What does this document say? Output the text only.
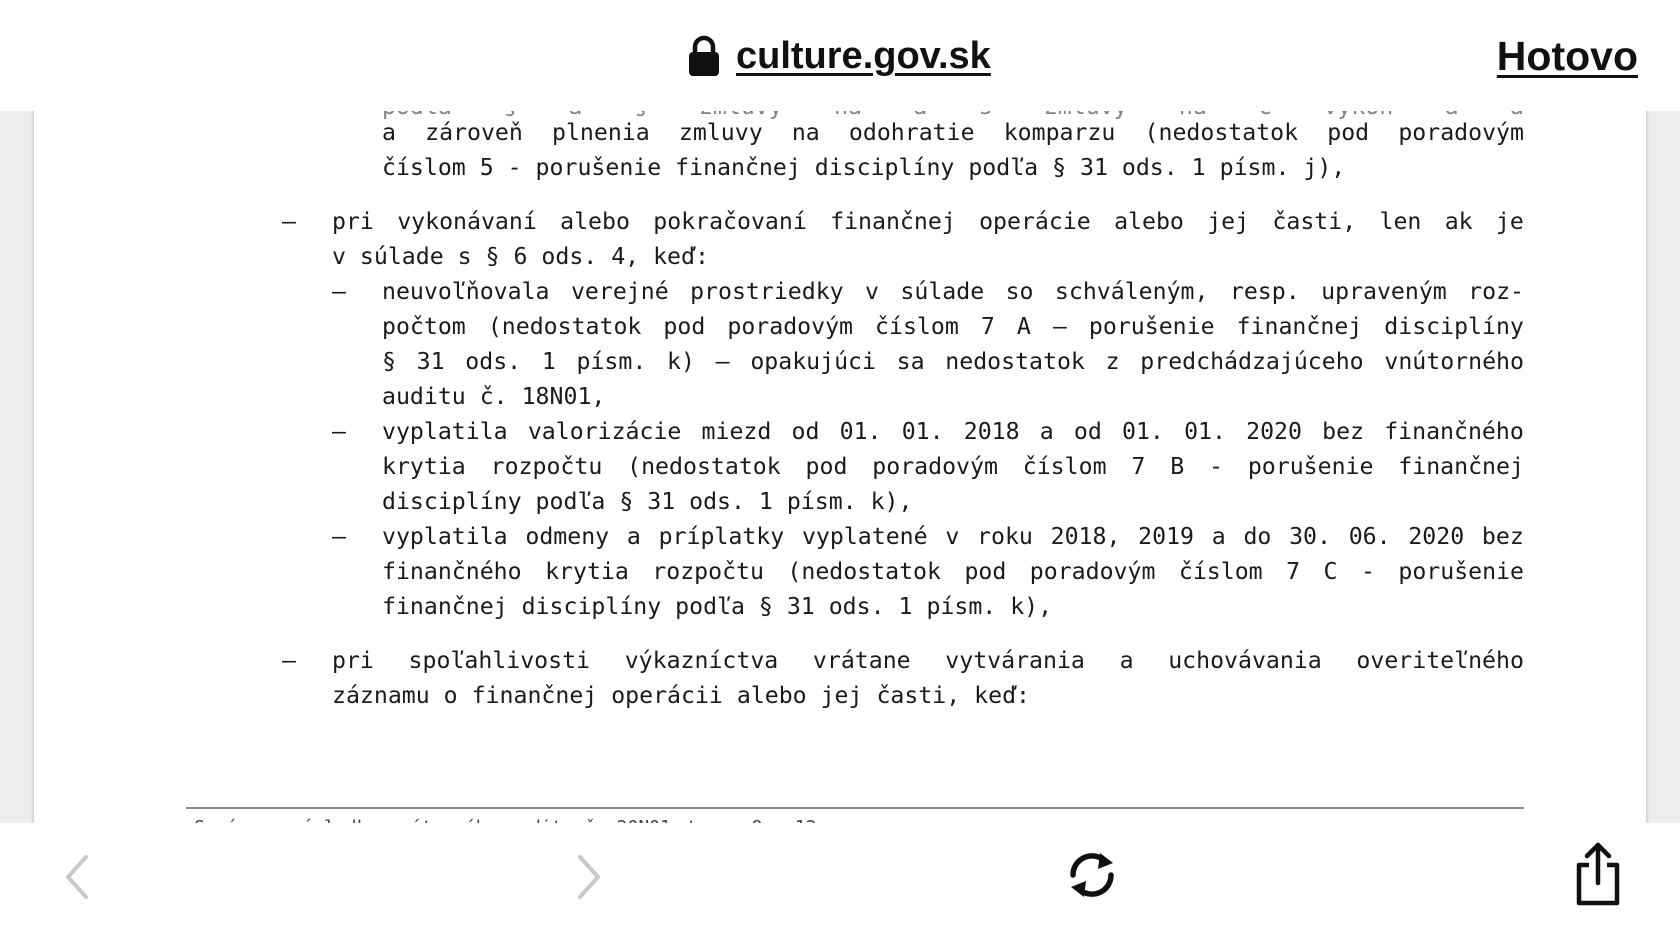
culture.gov.sk	Hotovo
a zároveň plnenia zmluvy na odohratie komparzu (nedostatok pod poradovým
číslom 5 - porušenie finančnej disciplíny podľa § 31 ods. 1 písm. j),
– pri vykonávaní alebo pokračovaní finančnej operácie alebo jej časti, len ak je
v súlade s § 6 ods. 4, keď:
– neuvoľňovala verejné prostriedky v súlade so schváleným, resp. upraveným roz-
počtom (nedostatok pod poradovým číslom 7 A – porušenie finančnej disciplíny
§ 31 ods. 1 písm. k) – opakujúci sa nedostatok z predchádzajúceho vnútorného
auditu č. 18N01,
– vyplatila valorizácie miezd od 01. 01. 2018 a od 01. 01. 2020 bez finančného
krytia rozpočtu (nedostatok pod poradovým číslom 7 B - porušenie finančnej
disciplíny podľa § 31 ods. 1 písm. k),
– vyplatila odmeny a príplatky vyplatené v roku 2018, 2019 a do 30. 06. 2020 bez
finančného krytia rozpočtu (nedostatok pod poradovým číslom 7 C - porušenie
finančnej disciplíny podľa § 31 ods. 1 písm. k),
– pri spoľahlivosti výkazníctva vrátane vytvárania a uchovávania overiteľného
záznamu o finančnej operácii alebo jej časti, keď:
